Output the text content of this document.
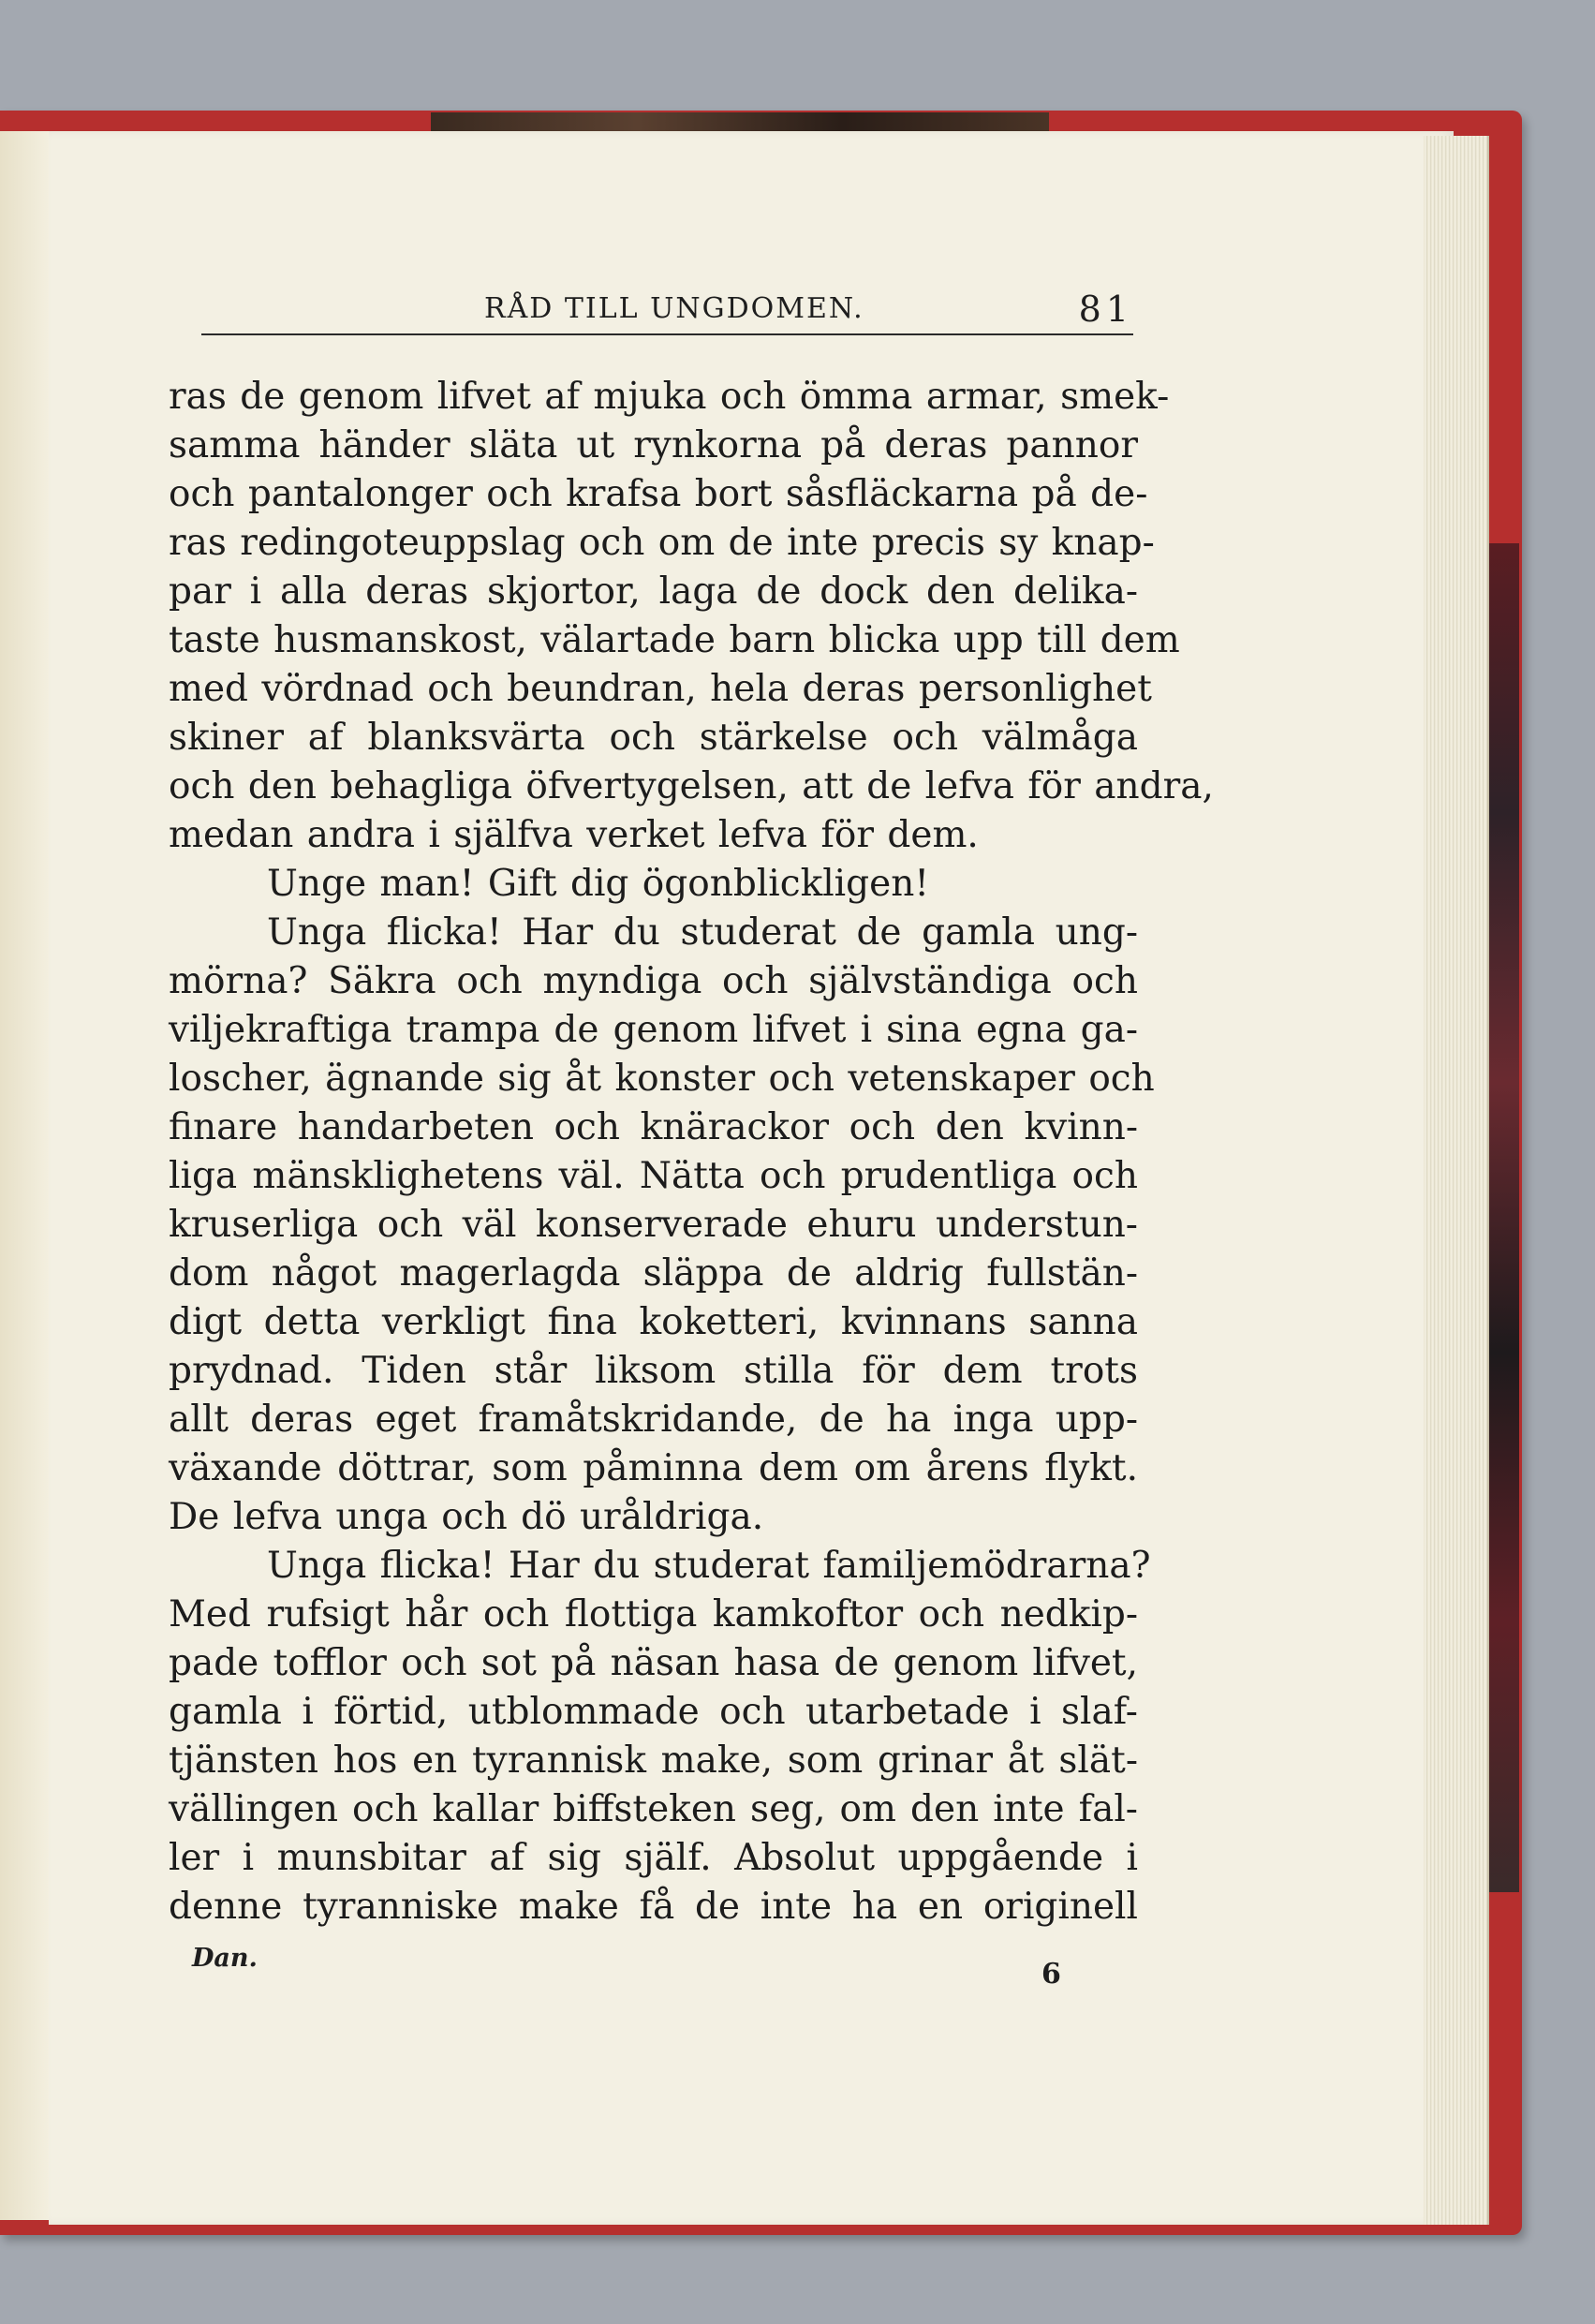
RÅD TILL UNGDOMEN.	81
ras de genom lifvet af mjuka och ömma armar, smek-
samma händer släta ut rynkorna på deras pannor
och pantalonger och krafsa bort såsfläckarna på de-
ras redingoteuppslag och om de inte precis sy knap-
par i alla deras skjortor, laga de dock den delika-
taste husmanskost, välartade barn blicka upp till dem
med vördnad och beundran, hela deras personlighet
skiner af blanksvärta och stärkelse och välmåga
och den behagliga öfvertygelsen, att de lefva för andra,
medan andra i själfva verket lefva för dem.
Unge man! Gift dig ögonblickligen!
Unga flicka! Har du studerat de gamla ung-
mörna? Säkra och myndiga och självständiga och
viljekraftiga trampa de genom lifvet i sina egna ga-
loscher, ägnande sig åt konster och vetenskaper och
finare handarbeten och knärackor och den kvinn-
liga mänsklighetens väl. Nätta och prudentliga och
kruserliga och väl konserverade ehuru understun-
dom något magerlagda släppa de aldrig fullstän-
digt detta verkligt fina koketteri, kvinnans sanna
prydnad. Tiden står liksom stilla för dem trots
allt deras eget framåtskridande, de ha inga upp-
växande döttrar, som påminna dem om årens flykt.
De lefva unga och dö uråldriga.
Unga flicka! Har du studerat familjemödrarna?
Med rufsigt hår och flottiga kamkoftor och nedkip-
pade tofflor och sot på näsan hasa de genom lifvet,
gamla i förtid, utblommade och utarbetade i slaf-
tjänsten hos en tyrannisk make, som grinar åt slät-
vällingen och kallar biffsteken seg, om den inte fal-
ler i munsbitar af sig själf. Absolut uppgående i
denne tyranniske make få de inte ha en originell
Dan.	6
